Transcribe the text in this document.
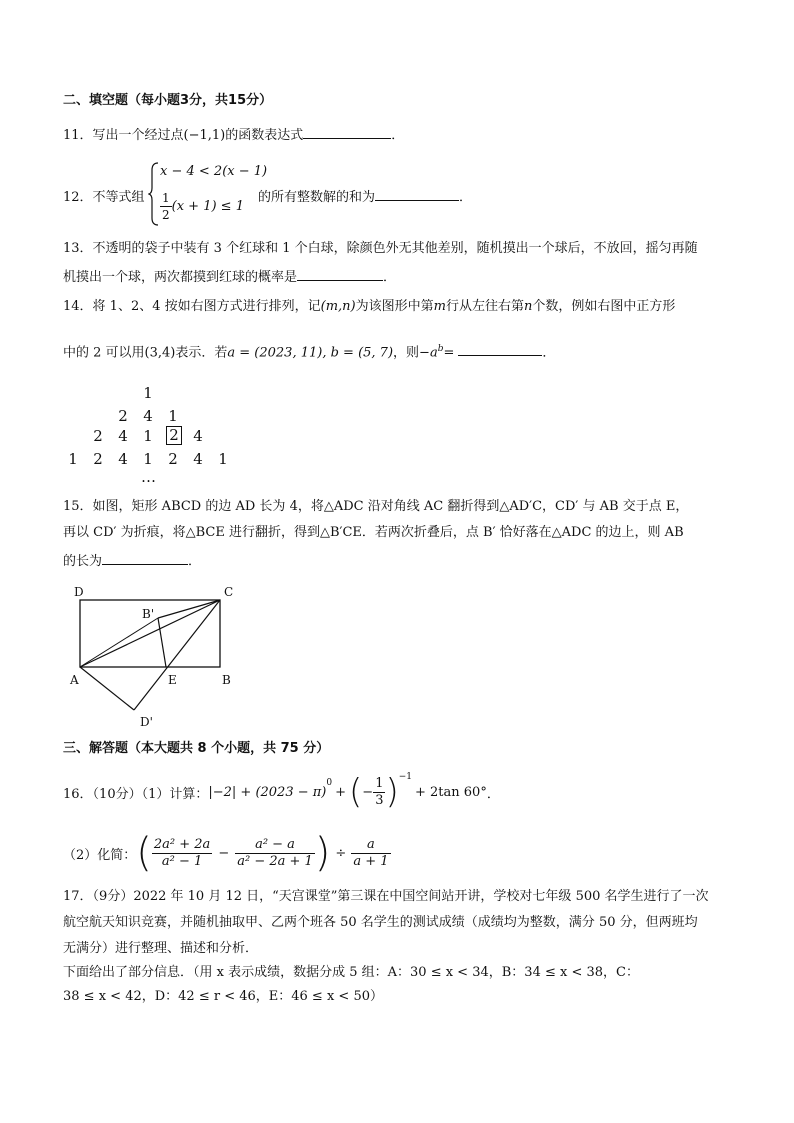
二、填空题（每小题3分，共15分）
11．写出一个经过点(−1,1)的函数表达式	．
12．不等式组
x − 4 < 2(x − 1)
$\frac{1}{2} (x + 1) \le 1$
的所有整数解的和为	．
13．不透明的袋子中装有 3 个红球和 1 个白球，除颜色外无其他差别，随机摸出一个球后，不放回，摇匀再随
机摸出一个球，两次都摸到红球的概率是	．
14．将 1、2、4 按如右图方式进行排列，记(m,n)为该图形中第m行从左往右第n个数，例如右图中正方形
中的 2 可以用(3,4)表示．若a = (2023, 11), b = (5, 7)，则$-a^b=$	．
1
2 4 1
2 4 1 2 4
1 2 4 1 2 4 1
…
15．如图，矩形 ABCD 的边 AD 长为 4，将△ADC 沿对角线 AC 翻折得到△AD′C，CD′ 与 AB 交于点 E，
再以 CD′ 为折痕，将△BCE 进行翻折，得到△B′CE．若两次折叠后，点 B′ 恰好落在△ADC 的边上，则 AB
的长为	．
D	C
B'
A	E	B
D'
三、解答题（本大题共 8 个小题，共 75 分）
16．（10分）（1）计算： |−2| + (2023 − π)
$^0$
+ ( − $\frac{1}{3} )^{-1}$
+ 2tan 60° ．
（2）化简： ( $\frac{\text{2a² + 2a}}{\text{a² − 1}} - \frac{\text{a² − a}}{\text{a² − 2a + 1}}$ ) ÷ $\frac{a}{a + 1}$
17．（9分）2022 年 10 月 12 日，“天宫课堂”第三课在中国空间站开讲，学校对七年级 500 名学生进行了一次
航空航天知识竞赛，并随机抽取甲、乙两个班各 50 名学生的测试成绩（成绩均为整数，满分 50 分，但两班均
无满分）进行整理、描述和分析．
下面给出了部分信息．（用 x 表示成绩，数据分成 5 组：A：30 ≤ x < 34，B：34 ≤ x < 38，C：
38 ≤ x < 42，D：42 ≤ r < 46，E：46 ≤ x < 50）
